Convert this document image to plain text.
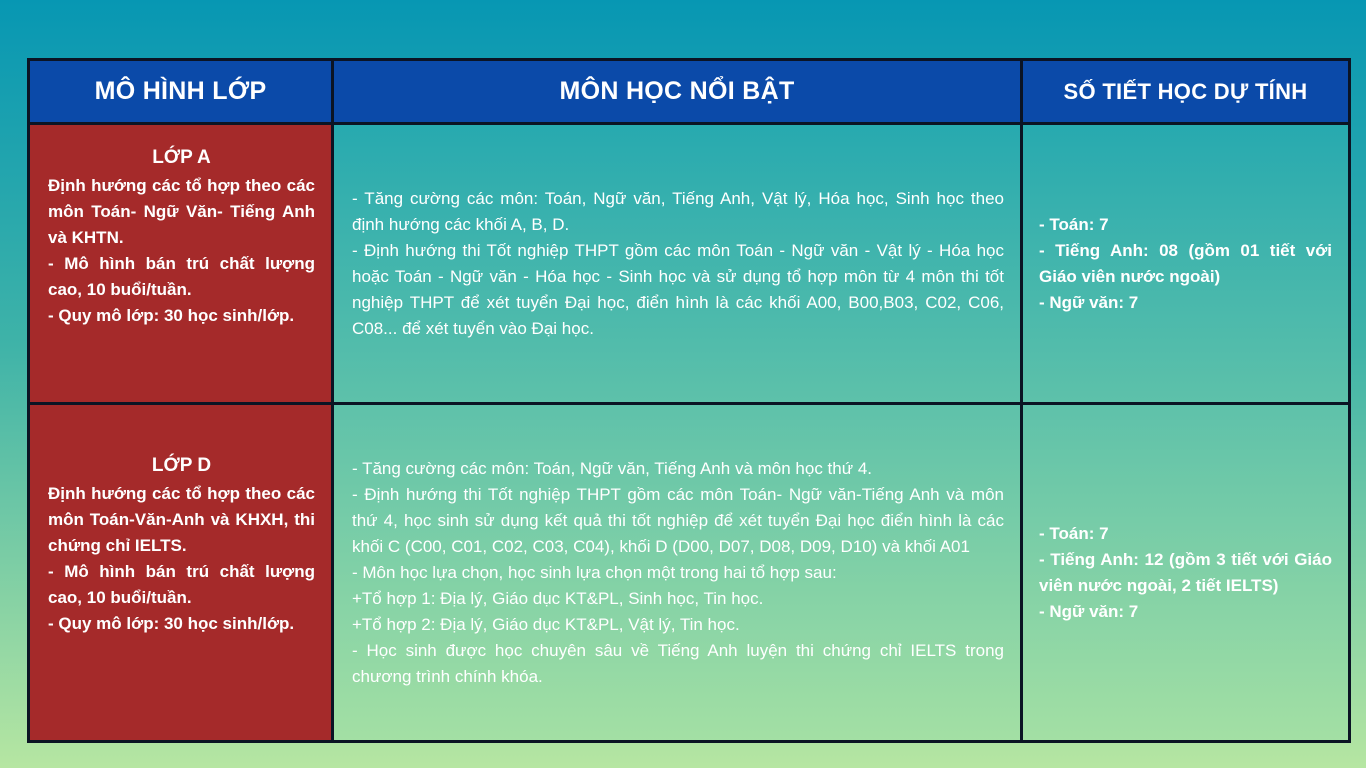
MÔ HÌNH LỚP	MÔN HỌC NỔI BẬT	SỐ TIẾT HỌC DỰ TÍNH
LỚP A
Định hướng các tổ hợp theo các môn Toán- Ngữ Văn- Tiếng Anh và KHTN.
- Mô hình bán trú chất lượng cao, 10 buổi/tuần.
- Quy mô lớp: 30 học sinh/lớp.
- Tăng cường các môn: Toán, Ngữ văn, Tiếng Anh, Vật lý, Hóa học, Sinh học theo định hướng các khối A, B, D.
- Định hướng thi Tốt nghiệp THPT gồm các môn Toán - Ngữ văn - Vật lý - Hóa học hoặc Toán - Ngữ văn - Hóa học - Sinh học và sử dụng tổ hợp môn từ 4 môn thi tốt nghiệp THPT để xét tuyển Đại học, điển hình là các khối A00, B00,B03, C02, C06, C08... để xét tuyển vào Đại học.
- Toán: 7
- Tiếng Anh: 08 (gồm 01 tiết với Giáo viên nước ngoài)
- Ngữ văn: 7
LỚP D
Định hướng các tổ hợp theo các môn Toán-Văn-Anh và KHXH, thi chứng chỉ IELTS.
- Mô hình bán trú chất lượng cao, 10 buổi/tuần.
- Quy mô lớp: 30 học sinh/lớp.
- Tăng cường các môn: Toán, Ngữ văn, Tiếng Anh và môn học thứ 4.
- Định hướng thi Tốt nghiệp THPT gồm các môn Toán- Ngữ văn-Tiếng Anh và môn thứ 4, học sinh sử dụng kết quả thi tốt nghiệp để xét tuyển Đại học điển hình là các khối C (C00, C01, C02, C03, C04), khối D (D00, D07, D08, D09, D10) và khối A01
- Môn học lựa chọn, học sinh lựa chọn một trong hai tổ hợp sau:
+Tổ hợp 1: Địa lý, Giáo dục KT&PL, Sinh học, Tin học.
+Tổ hợp 2: Địa lý, Giáo dục KT&PL, Vật lý, Tin học.
- Học sinh được học chuyên sâu về Tiếng Anh luyện thi chứng chỉ IELTS trong chương trình chính khóa.
- Toán: 7
- Tiếng Anh: 12 (gồm 3 tiết với Giáo viên nước ngoài, 2 tiết IELTS)
- Ngữ văn: 7
